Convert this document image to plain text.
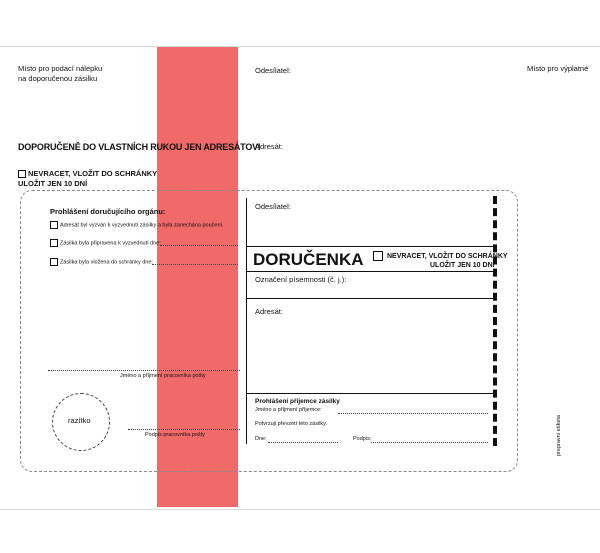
Místo pro podací nálepku
na doporučenou zásilku
Odesílatel:	Místo pro výplatné
DOPORUČENĚ DO VLASTNÍCH RUKOU JEN ADRESÁTOVI
NEVRACET, VLOŽIT DO SCHRÁNKY
ULOŽIT JEN 10 DNÍ
Adresát:
Prohlášení doručujícího orgánu:
Adresát byl vyzván k vyzvednutí zásilky a byla zanechána poučení.
Zásilka byla připravena k vyzvednutí dne:
Zásilka byla vložena do schránky dne:
Jméno a příjmení pracovníka pošty
razítko
Podpis pracovníka pošty
Odesílatel:
DORUČENKA	NEVRACET, VLOŽIT DO SCHRÁNKY
ULOŽIT JEN 10 DNÍ
Označení písemnosti (č. j.):
Adresát:
Prohlášení příjemce zásilky
Jméno a příjmení příjemce:
Potvrzuji převzetí této zásilky.
Dne:	Podpis:	prepravní etiketa
